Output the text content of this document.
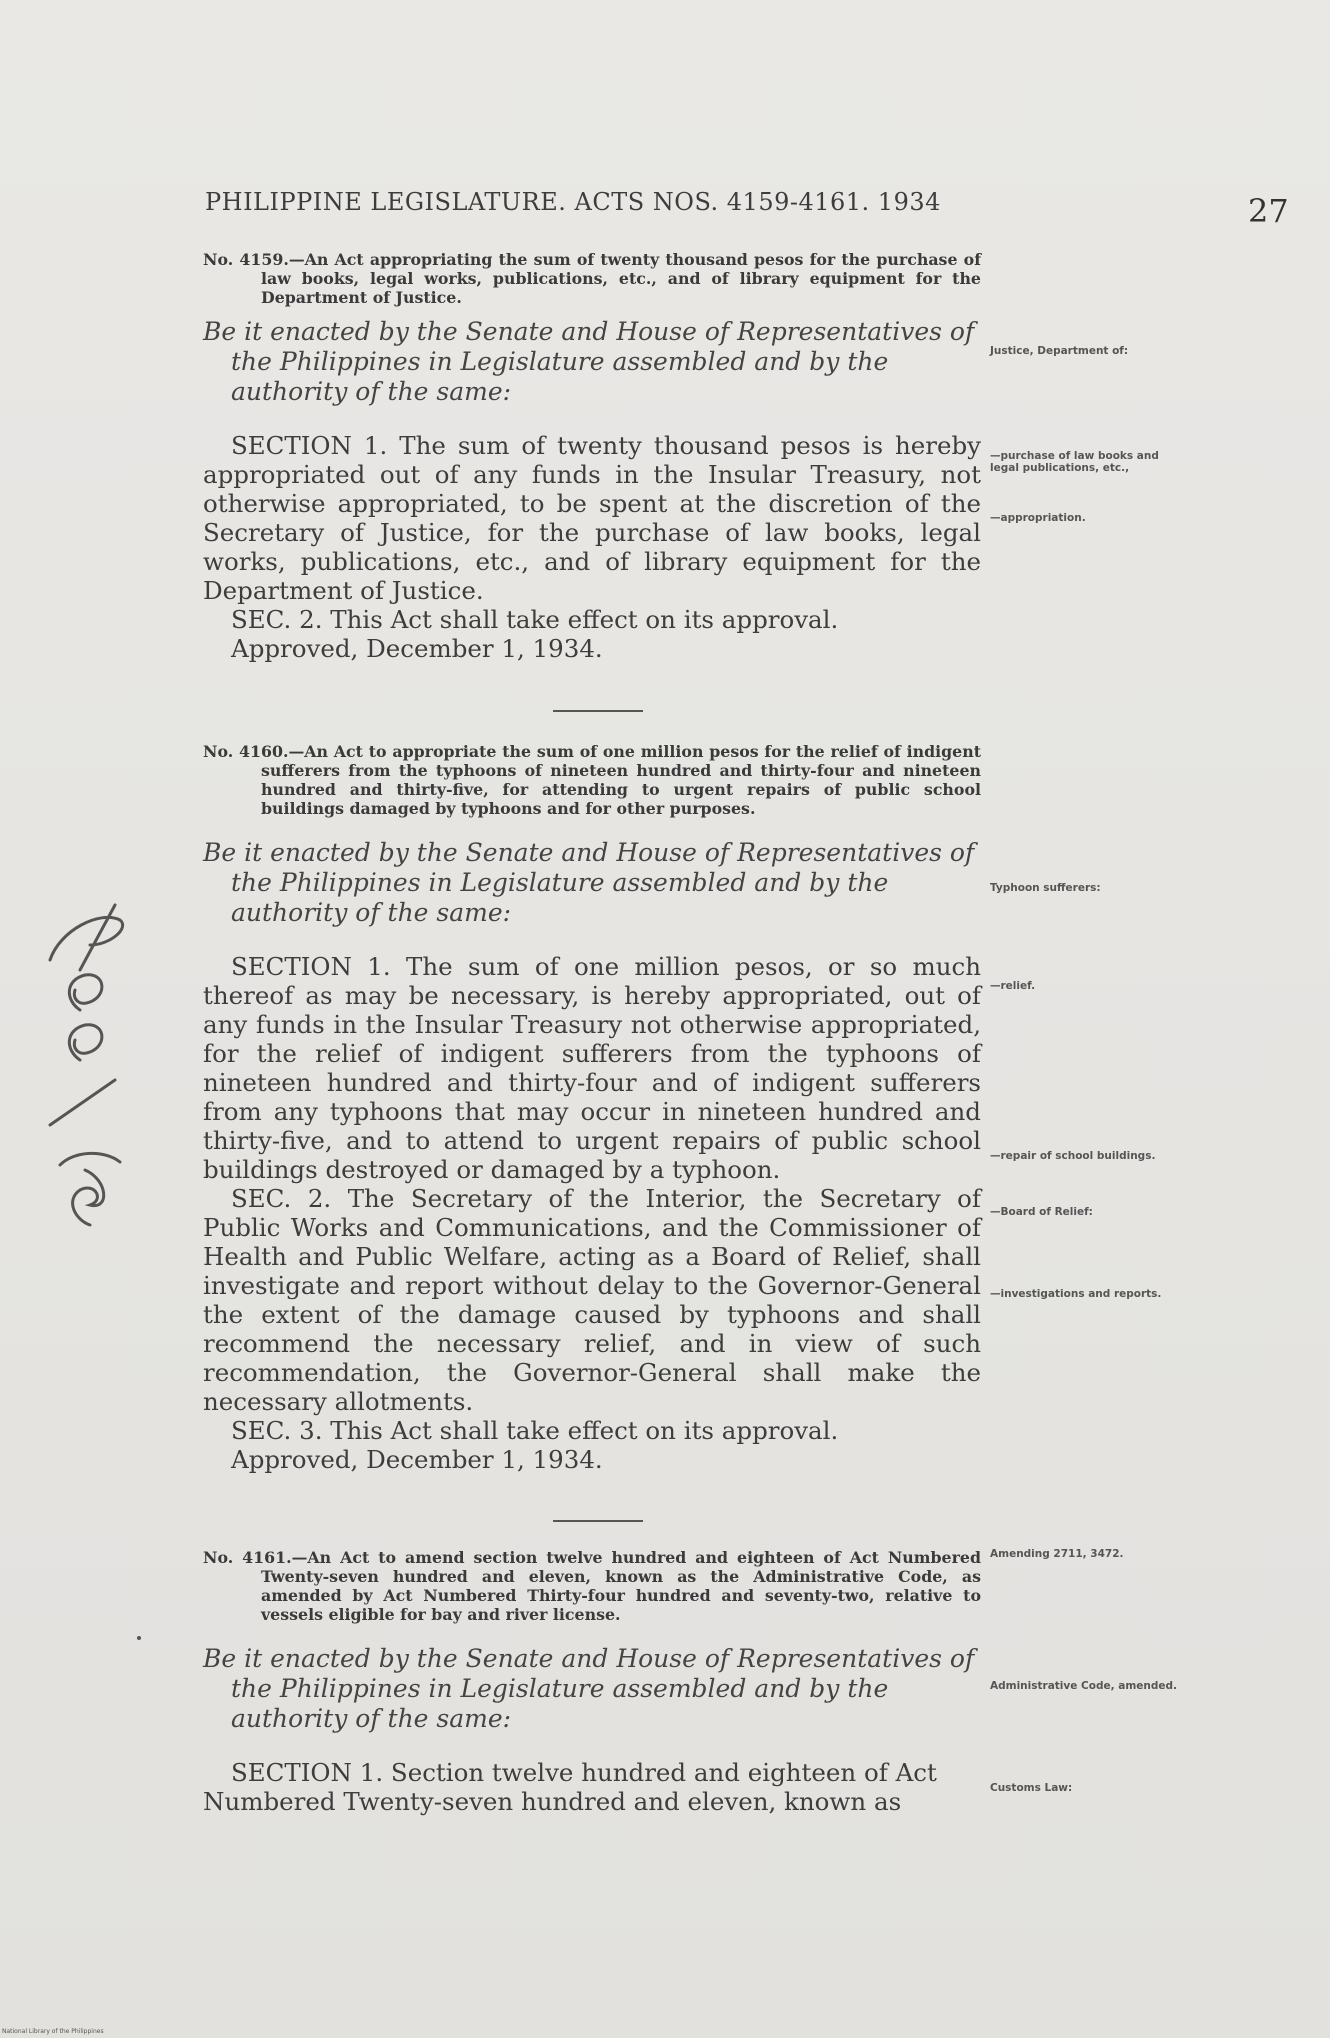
PHILIPPINE LEGISLATURE. ACTS NOS. 4159-4161. 1934	27
No. 4159.—An Act appropriating the sum of twenty thousand pesos for the purchase of law books, legal works, publications, etc., and of library equipment for the Department of Justice.
Be it enacted by the Senate and House of Representatives of the Philippines in Legislature assembled and by the authority of the same:

SECTION 1. The sum of twenty thousand pesos is hereby appropriated out of any funds in the Insular Treasury, not otherwise appropriated, to be spent at the discretion of the Secretary of Justice, for the purchase of law books, legal works, publications, etc., and of library equipment for the Department of Justice.

SEC. 2. This Act shall take effect on its approval.

Approved, December 1, 1934.
Justice, Department of:
—purchase of law books and legal publications, etc.,
—appropriation.
No. 4160.—An Act to appropriate the sum of one million pesos for the relief of indigent sufferers from the typhoons of nineteen hundred and thirty-four and nineteen hundred and thirty-five, for attending to urgent repairs of public school buildings damaged by typhoons and for other purposes.
Be it enacted by the Senate and House of Representatives of the Philippines in Legislature assembled and by the authority of the same:

SECTION 1. The sum of one million pesos, or so much thereof as may be necessary, is hereby appropriated, out of any funds in the Insular Treasury not otherwise appropriated, for the relief of indigent sufferers from the typhoons of nineteen hundred and thirty-four and of indigent sufferers from any typhoons that may occur in nineteen hundred and thirty-five, and to attend to urgent repairs of public school buildings destroyed or damaged by a typhoon.

SEC. 2. The Secretary of the Interior, the Secretary of Public Works and Communications, and the Commissioner of Health and Public Welfare, acting as a Board of Relief, shall investigate and report without delay to the Governor-General the extent of the damage caused by typhoons and shall recommend the necessary relief, and in view of such recommendation, the Governor-General shall make the necessary allotments.

SEC. 3. This Act shall take effect on its approval.

Approved, December 1, 1934.
Typhoon sufferers:
—relief.
—repair of school buildings.
—Board of Relief:
—investigations and reports.
No. 4161.—An Act to amend section twelve hundred and eighteen of Act Numbered Twenty-seven hundred and eleven, known as the Administrative Code, as amended by Act Numbered Thirty-four hundred and seventy-two, relative to vessels eligible for bay and river license.
Be it enacted by the Senate and House of Representatives of the Philippines in Legislature assembled and by the authority of the same:

SECTION 1. Section twelve hundred and eighteen of Act Numbered Twenty-seven hundred and eleven, known as

Amending 2711, 3472.
Administrative Code, amended.
Customs Law:
National Library of the Philippines
